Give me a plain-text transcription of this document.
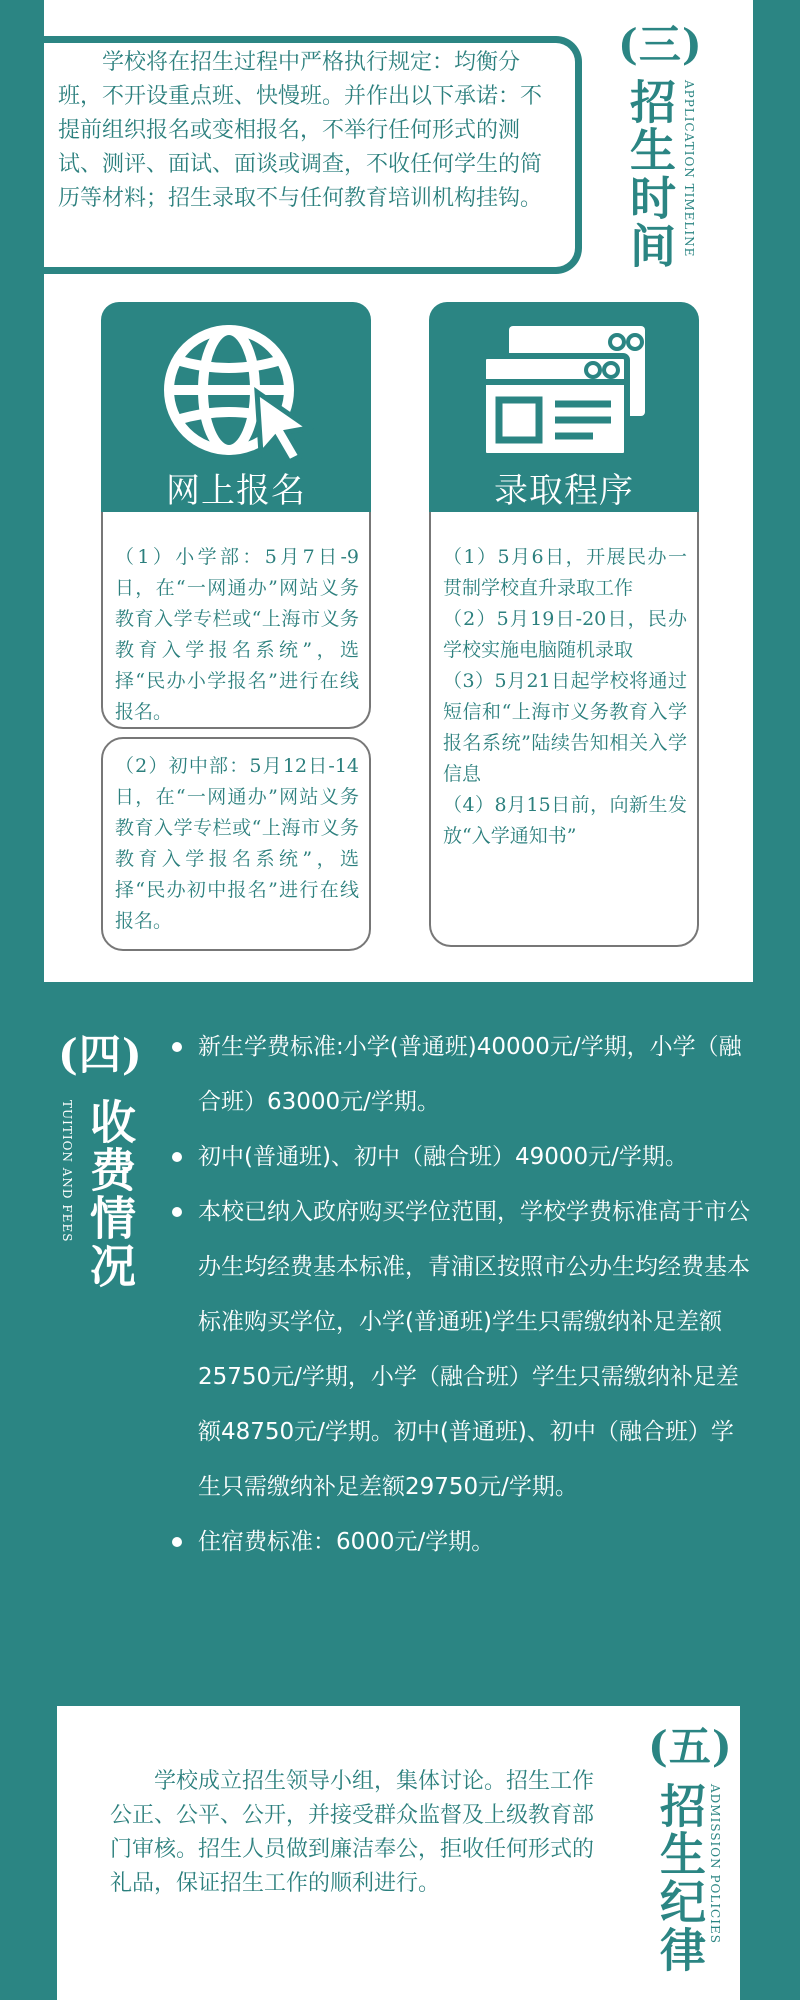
学校将在招生过程中严格执行规定：均衡分班，不开设重点班、快慢班。并作出以下承诺：不提前组织报名或变相报名，不举行任何形式的测试、测评、面试、面谈或调查，不收任何学生的简历等材料；招生录取不与任何教育培训机构挂钩。

(三)
招生时间 APPLICATION TIMELINE
网上报名

（1）小学部：5月7日-9日，在“一网通办”网站义务教育入学专栏或“上海市义务教育入学报名系统”，选择“民办小学报名”进行在线报名。

（2）初中部：5月12日-14日，在“一网通办”网站义务教育入学专栏或“上海市义务教育入学报名系统”，选择“民办初中报名”进行在线报名。

录取程序

（1）5月6日，开展民办一贯制学校直升录取工作

（2）5月19日-20日，民办学校实施电脑随机录取

（3）5月21日起学校将通过短信和“上海市义务教育入学报名系统”陆续告知相关入学信息

（4）8月15日前，向新生发放“入学通知书”

(四)
收费情况
TUITION AND FEES
新生学费标准:小学(普通班)40000元/学期，小学（融合班）63000元/学期。
初中(普通班)、初中（融合班）49000元/学期。
本校已纳入政府购买学位范围，学校学费标准高于市公办生均经费基本标准，青浦区按照市公办生均经费基本标准购买学位，小学(普通班)学生只需缴纳补足差额25750元/学期，小学（融合班）学生只需缴纳补足差额48750元/学期。初中(普通班)、初中（融合班）学生只需缴纳补足差额29750元/学期。
住宿费标准：6000元/学期。
(五)
招生纪律 ADMISSION POLICIES

学校成立招生领导小组，集体讨论。招生工作公正、公平、公开，并接受群众监督及上级教育部门审核。招生人员做到廉洁奉公，拒收任何形式的礼品，保证招生工作的顺利进行。
